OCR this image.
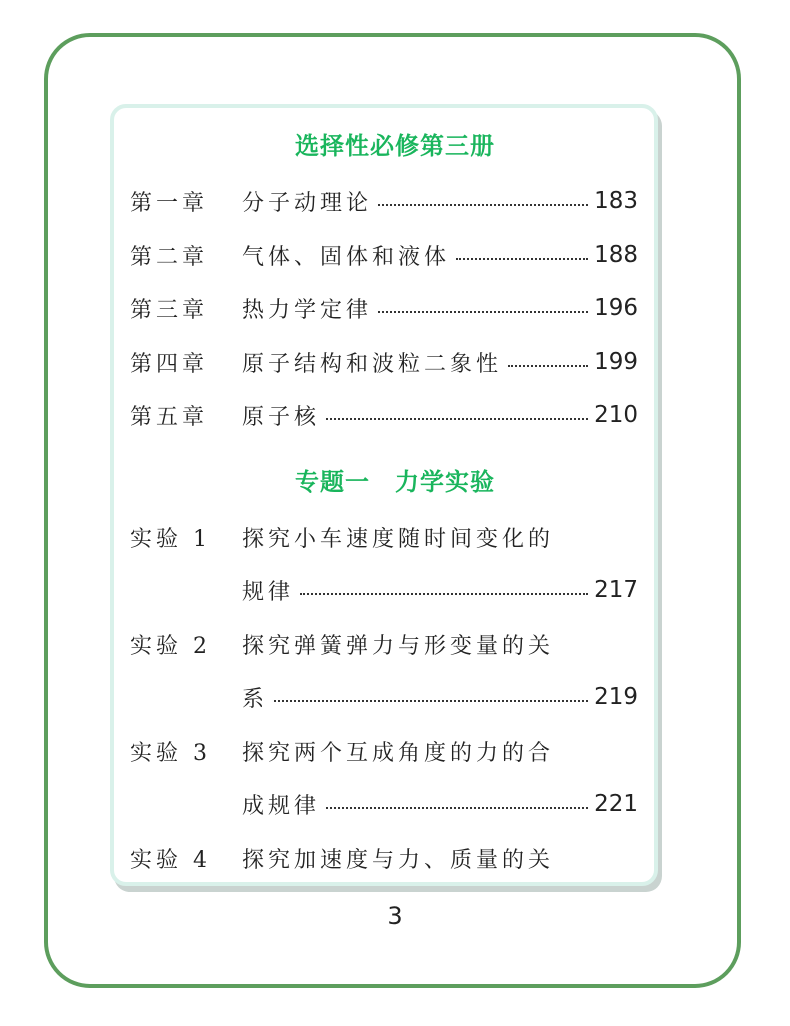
选择性必修第三册
第一章	分子动理论	183
第二章	气体、固体和液体	188
第三章	热力学定律	196
第四章	原子结构和波粒二象性	199
第五章	原子核	210
专题一　力学实验
实验 1	探究小车速度随时间变化的
规律	217
实验 2	探究弹簧弹力与形变量的关
系	219
实验 3	探究两个互成角度的力的合
成规律	221
实验 4	探究加速度与力、质量的关
3
